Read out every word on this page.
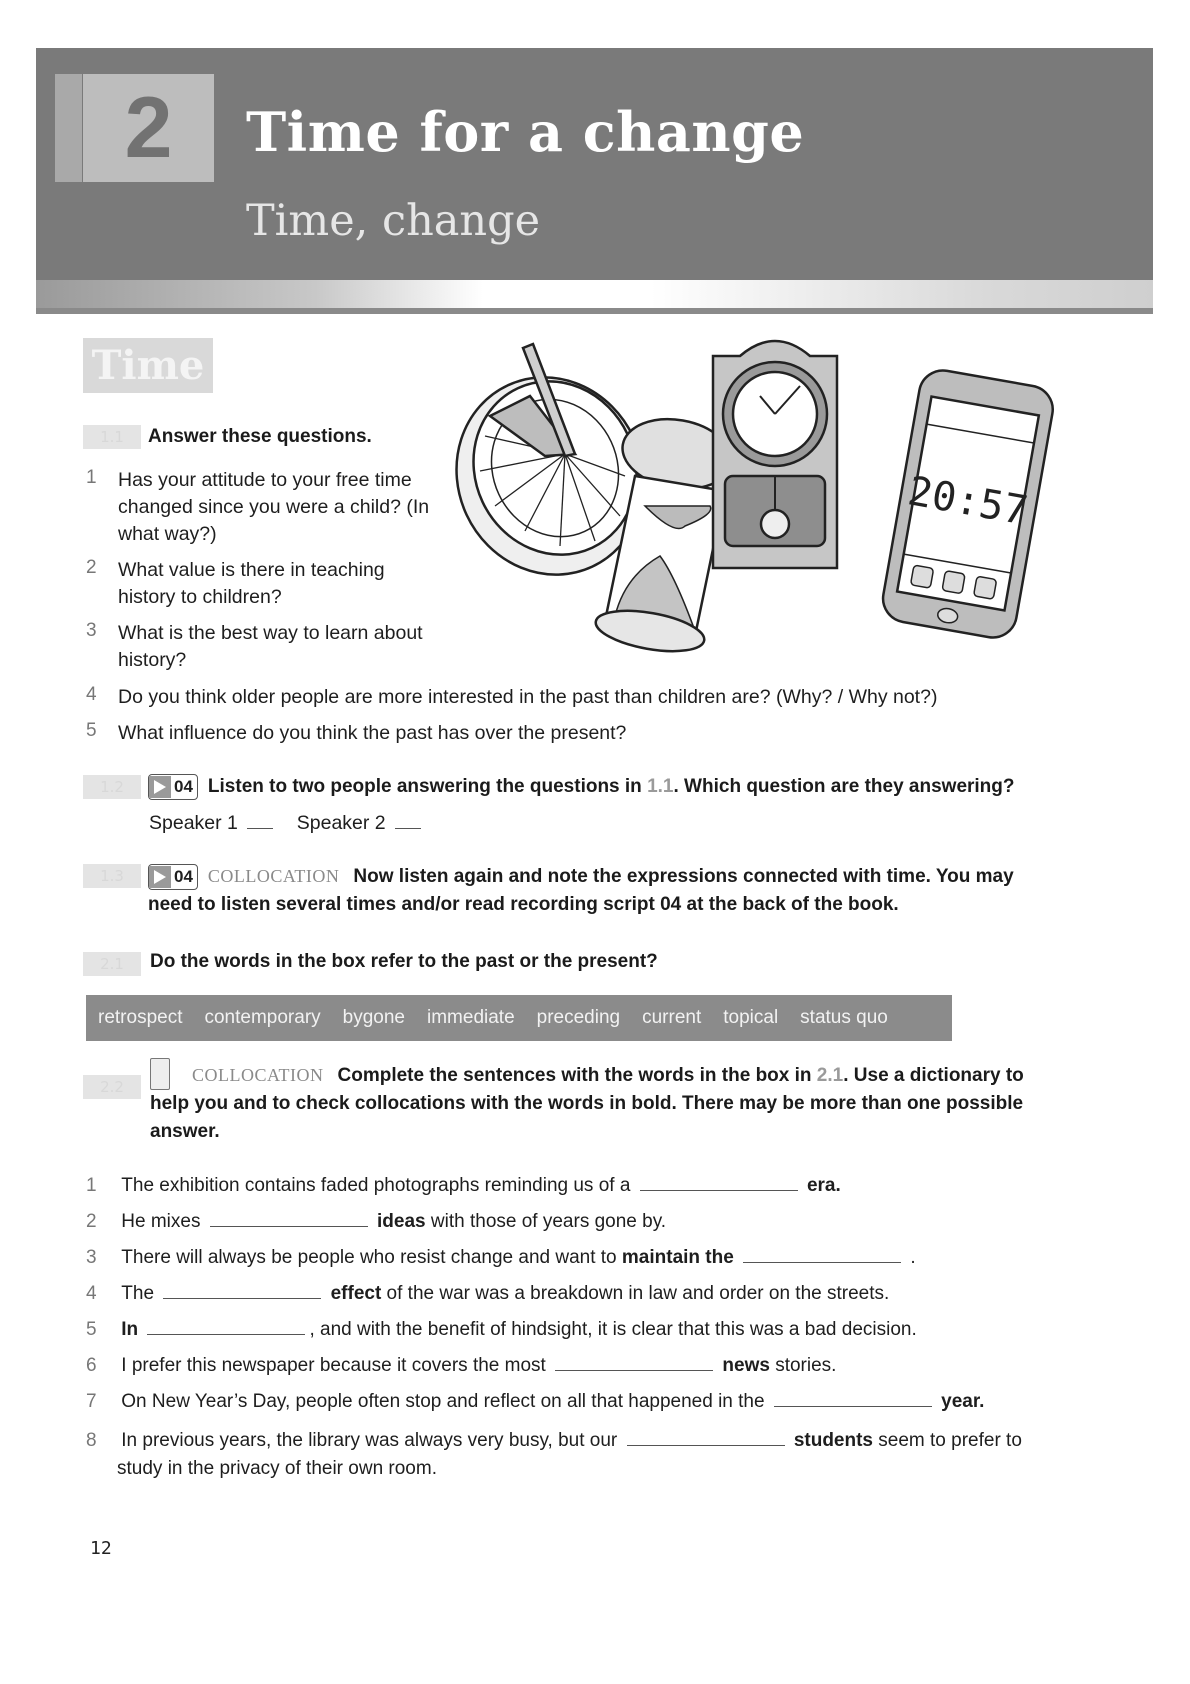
2	Time for a change
Time, change
Time
20:57
1.1	Answer these questions.
1	Has your attitude to your free time
changed since you were a child? (In
what way?)
2	What value is there in teaching
history to children?
3	What is the best way to learn about
history?
4	Do you think older people are more interested in the past than children are? (Why? / Why not?)
5	What influence do you think the past has over the present?
1.2	04 Listen to two people answering the questions in 1.1. Which question are they answering?
Speaker 1	Speaker 2
1.3	04 COLLOCATION Now listen again and note the expressions connected with time. You may
need to listen several times and/or read recording script 04 at the back of the book.
2.1	Do the words in the box refer to the past or the present?
retrospect contemporary bygone immediate preceding current topical status quo
2.2
COLLOCATION Complete the sentences with the words in the box in 2.1. Use a dictionary to
help you and to check collocations with the words in bold. There may be more than one possible
answer.
1 The exhibition contains faded photographs reminding us of a	era.
2 He mixes	ideas with those of years gone by.
3 There will always be people who resist change and want to maintain the	.
4 The	effect of the war was a breakdown in law and order on the streets.
5 In	, and with the benefit of hindsight, it is clear that this was a bad decision.
6 I prefer this newspaper because it covers the most	news stories.
7 On New Year’s Day, people often stop and reflect on all that happened in the	year.
8 In previous years, the library was always very busy, but our	students seem to prefer to
study in the privacy of their own room.
12
